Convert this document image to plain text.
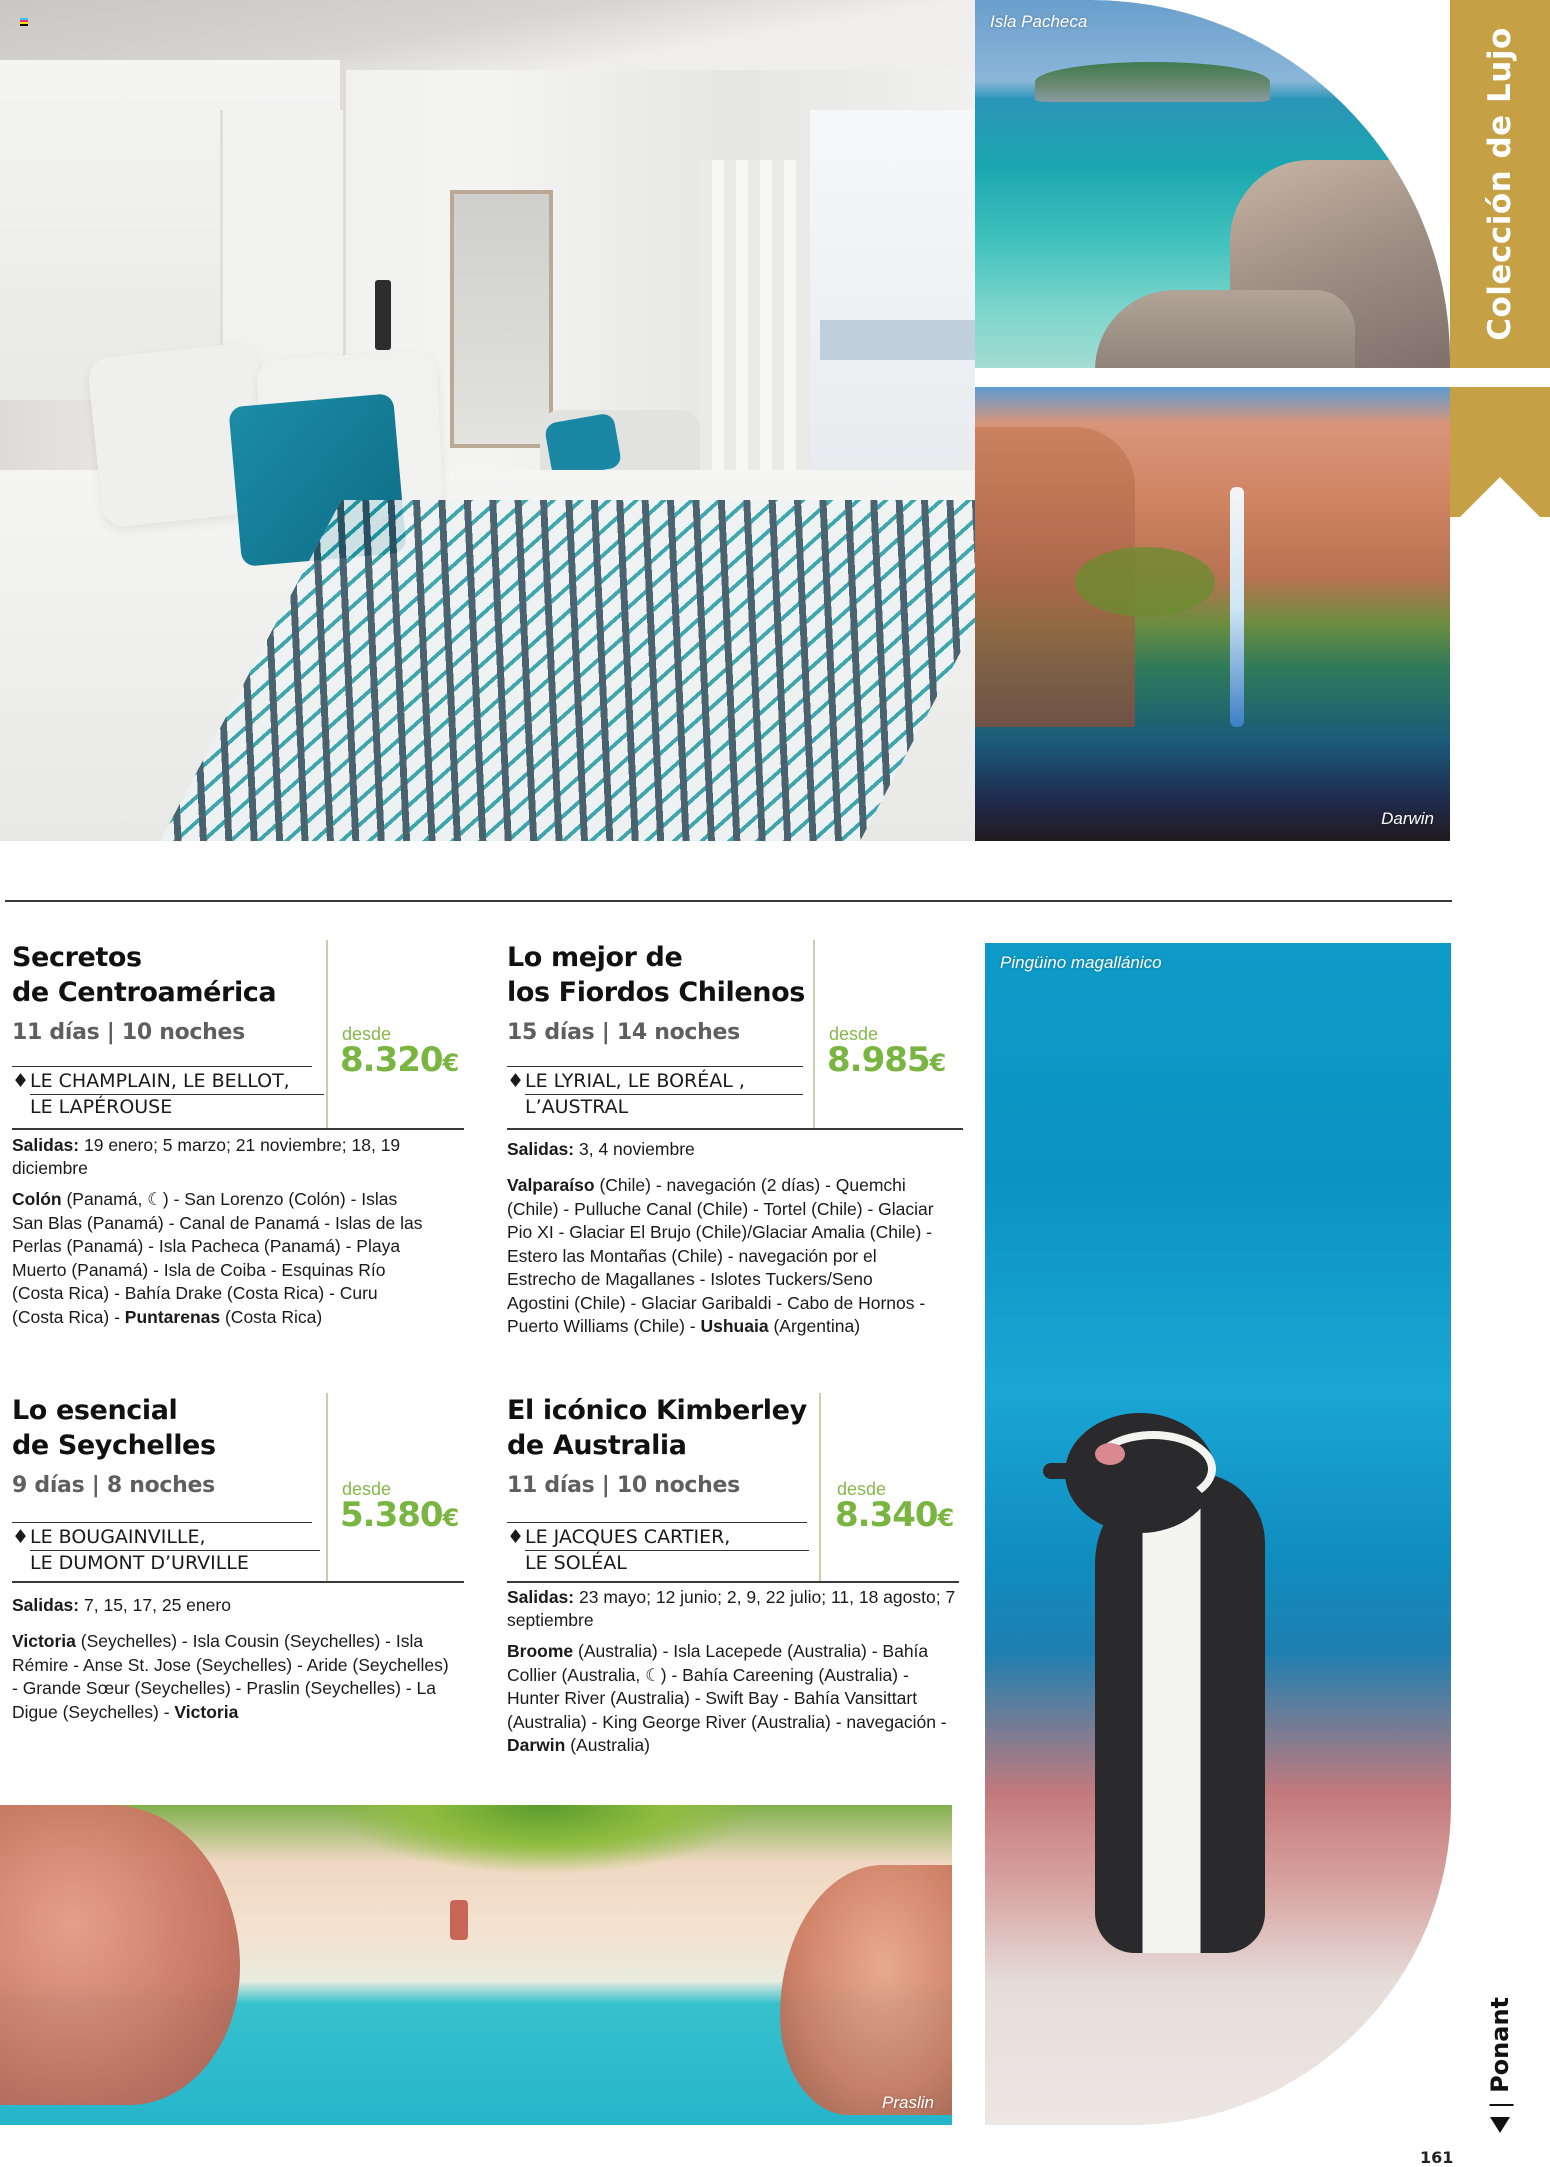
Isla Pacheca
Darwin
Colección de Lujo
Secretos
de Centroamérica
11 días | 10 noches	desde
8.320€
♦LE CHAMPLAIN, LE BELLOT,
LE LAPÉROUSE
Salidas: 19 enero; 5 marzo; 21 noviembre; 18, 19 diciembre
Colón (Panamá, ☾) - San Lorenzo (Colón) - Islas San Blas (Panamá) - Canal de Panamá - Islas de las Perlas (Panamá) - Isla Pacheca (Panamá) - Playa Muerto (Panamá) - Isla de Coiba - Esquinas Río (Costa Rica) - Bahía Drake (Costa Rica) - Curu (Costa Rica) - Puntarenas (Costa Rica)
Lo mejor de
los Fiordos Chilenos
15 días | 14 noches	desde
8.985€
♦LE LYRIAL, LE BORÉAL ,
L’AUSTRAL
Salidas: 3, 4 noviembre
Valparaíso (Chile) - navegación (2 días) - Quemchi (Chile) - Pulluche Canal (Chile) - Tortel (Chile) - Glaciar Pio XI - Glaciar El Brujo (Chile)/Glaciar Amalia (Chile) - Estero las Montañas (Chile) - navegación por el Estrecho de Magallanes - Islotes Tuckers/Seno Agostini (Chile) - Glaciar Garibaldi - Cabo de Hornos - Puerto Williams (Chile) - Ushuaia (Argentina)
Lo esencial
de Seychelles
9 días | 8 noches	desde
5.380€
♦LE BOUGAINVILLE,
LE DUMONT D’URVILLE
Salidas: 7, 15, 17, 25 enero
Victoria (Seychelles) - Isla Cousin (Seychelles) - Isla Rémire - Anse St. Jose (Seychelles) - Aride (Seychelles) - Grande Sœur (Seychelles) - Praslin (Seychelles) - La Digue (Seychelles) - Victoria
El icónico Kimberley
de Australia
11 días | 10 noches	desde
8.340€
♦LE JACQUES CARTIER,
LE SOLÉAL
Salidas: 23 mayo; 12 junio; 2, 9, 22 julio; 11, 18 agosto; 7 septiembre
Broome (Australia) - Isla Lacepede (Australia) - Bahía Collier (Australia, ☾) - Bahía Careening (Australia) - Hunter River (Australia) - Swift Bay - Bahía Vansittart (Australia) - King George River (Australia) - navegación - Darwin (Australia)
Praslin
Pingüino magallánico
|
Ponant
161
